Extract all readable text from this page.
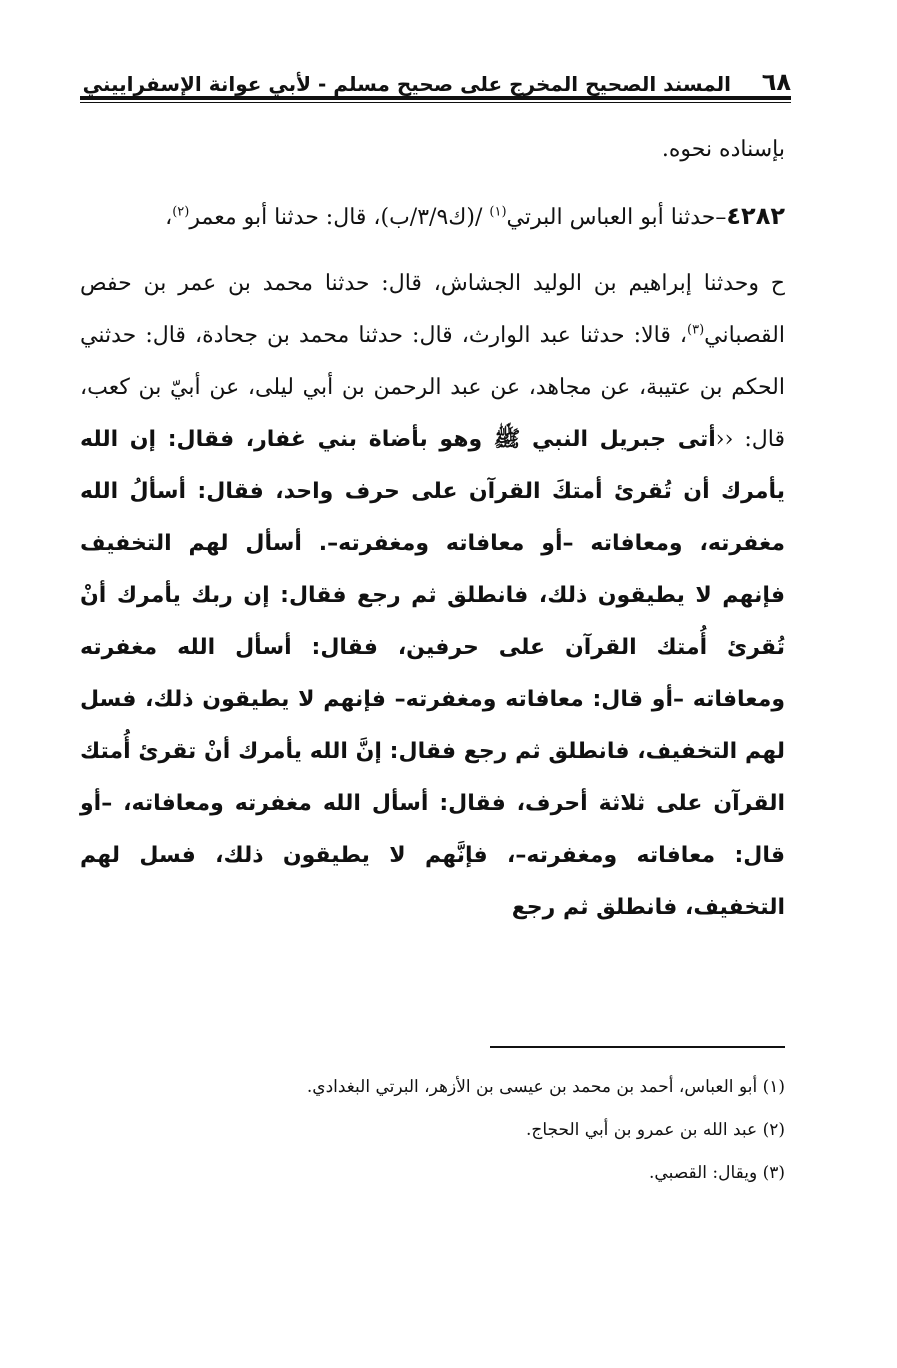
٦٨
المسند الصحيح المخرج على صحيح مسلم - لأبي عوانة الإسفراييني

بإسناده نحوه.

٤٢٨٢–حدثنا أبو العباس البرتي$^{(١)}$ /(ك٣/٩/ب)، قال: حدثنا أبو معمر$^{(٢)}$،

ح وحدثنا إبراهيم بن الوليد الجشاش، قال: حدثنا محمد بن عمر بن حفص القصباني$^{(٣)}$، قالا: حدثنا عبد الوارث، قال: حدثنا محمد بن جحادة، قال: حدثني الحكم بن عتيبة، عن مجاهد، عن عبد الرحمن بن أبي ليلى، عن أبيّ بن كعب، قال: ‹‹أتى جبريل النبي ﷺ وهو بأضاة بني غفار، فقال: إن الله يأمرك أن تُقرئ أمتكَ القرآن على حرف واحد، فقال: أسألُ الله مغفرته، ومعافاته –أو معافاته ومغفرته–. أسأل لهم التخفيف فإنهم لا يطيقون ذلك، فانطلق ثم رجع فقال: إن ربك يأمرك أنْ تُقرئ أُمتك القرآن على حرفين، فقال: أسأل الله مغفرته ومعافاته –أو قال: معافاته ومغفرته– فإنهم لا يطيقون ذلك، فسل لهم التخفيف، فانطلق ثم رجع فقال: إنَّ الله يأمرك أنْ تقرئ أُمتك القرآن على ثلاثة أحرف، فقال: أسأل الله مغفرته ومعافاته، –أو قال: معافاته ومغفرته–، فإنَّهم لا يطيقون ذلك، فسل لهم التخفيف، فانطلق ثم رجع

(١) أبو العباس، أحمد بن محمد بن عيسى بن الأزهر، البرتي البغدادي.
(٢) عبد الله بن عمرو بن أبي الحجاج.
(٣) ويقال: القصبي.
